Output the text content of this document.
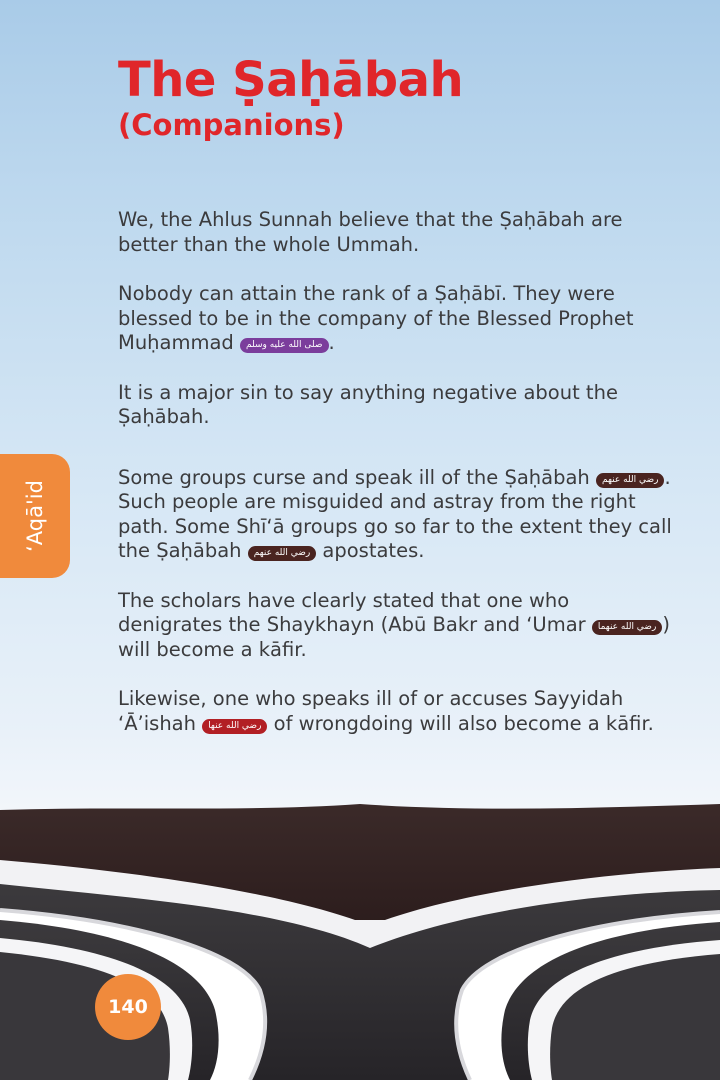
The Ṣaḥābah
(Companions)

We, the Ahlus Sunnah believe that the Ṣaḥābah are better than the whole Ummah.

Nobody can attain the rank of a Ṣaḥābī. They were blessed to be in the company of the Blessed Prophet Muḥammad صلى الله عليه وسلم .

It is a major sin to say anything negative about the Ṣaḥābah.

Some groups curse and speak ill of the Ṣaḥābah رضي الله عنهم . Such people are misguided and astray from the right path. Some Shīʻā groups go so far to the extent they call the Ṣaḥābah رضي الله عنهم apostates.

The scholars have clearly stated that one who denigrates the Shaykhayn (Abū Bakr and ʻUmar رضي الله عنهما ) will become a kāfir.

Likewise, one who speaks ill of or accuses Sayyidah ʻĀʼishah رضي الله عنها of wrongdoing will also become a kāfir.

ʻAqā'id
140
